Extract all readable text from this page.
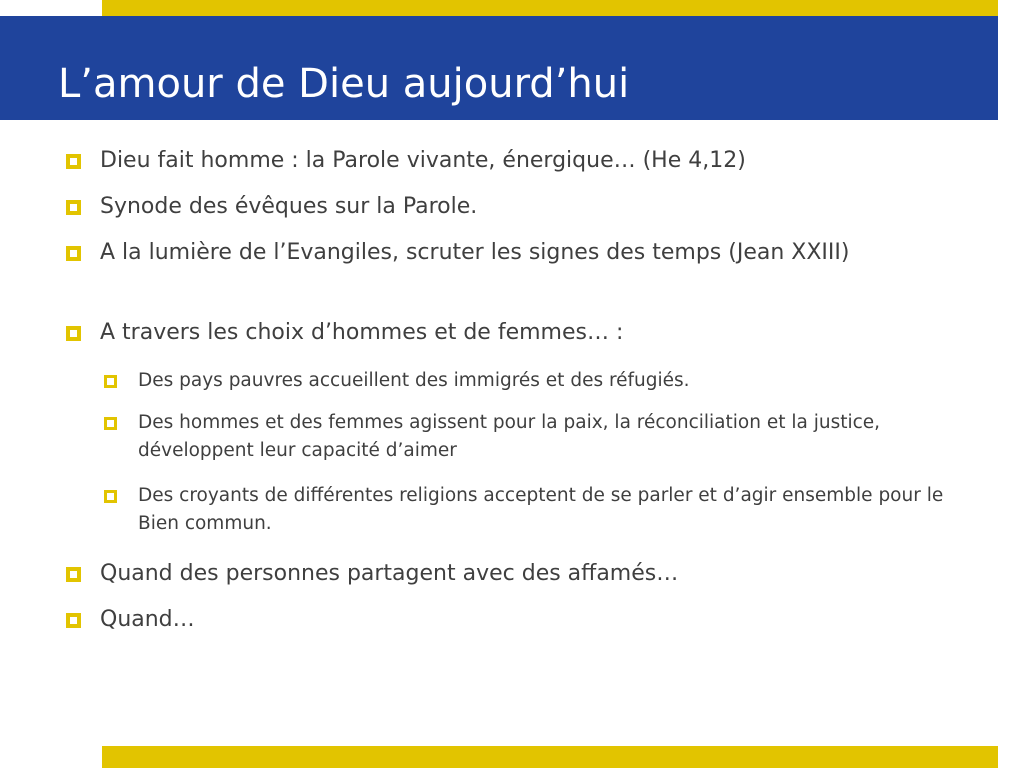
L’amour de Dieu aujourd’hui
Dieu fait homme : la Parole vivante, énergique… (He 4,12)
Synode des évêques sur la Parole.
A la lumière de l’Evangiles, scruter les signes des temps (Jean XXIII)
A travers les choix d’hommes et de femmes… :
Des pays pauvres accueillent des immigrés et des réfugiés.
Des hommes et des femmes agissent pour la paix, la réconciliation et la justice, développent leur capacité d’aimer
Des croyants de différentes religions acceptent de se parler et d’agir ensemble pour le Bien commun.
Quand des personnes partagent avec des affamés…
Quand…
